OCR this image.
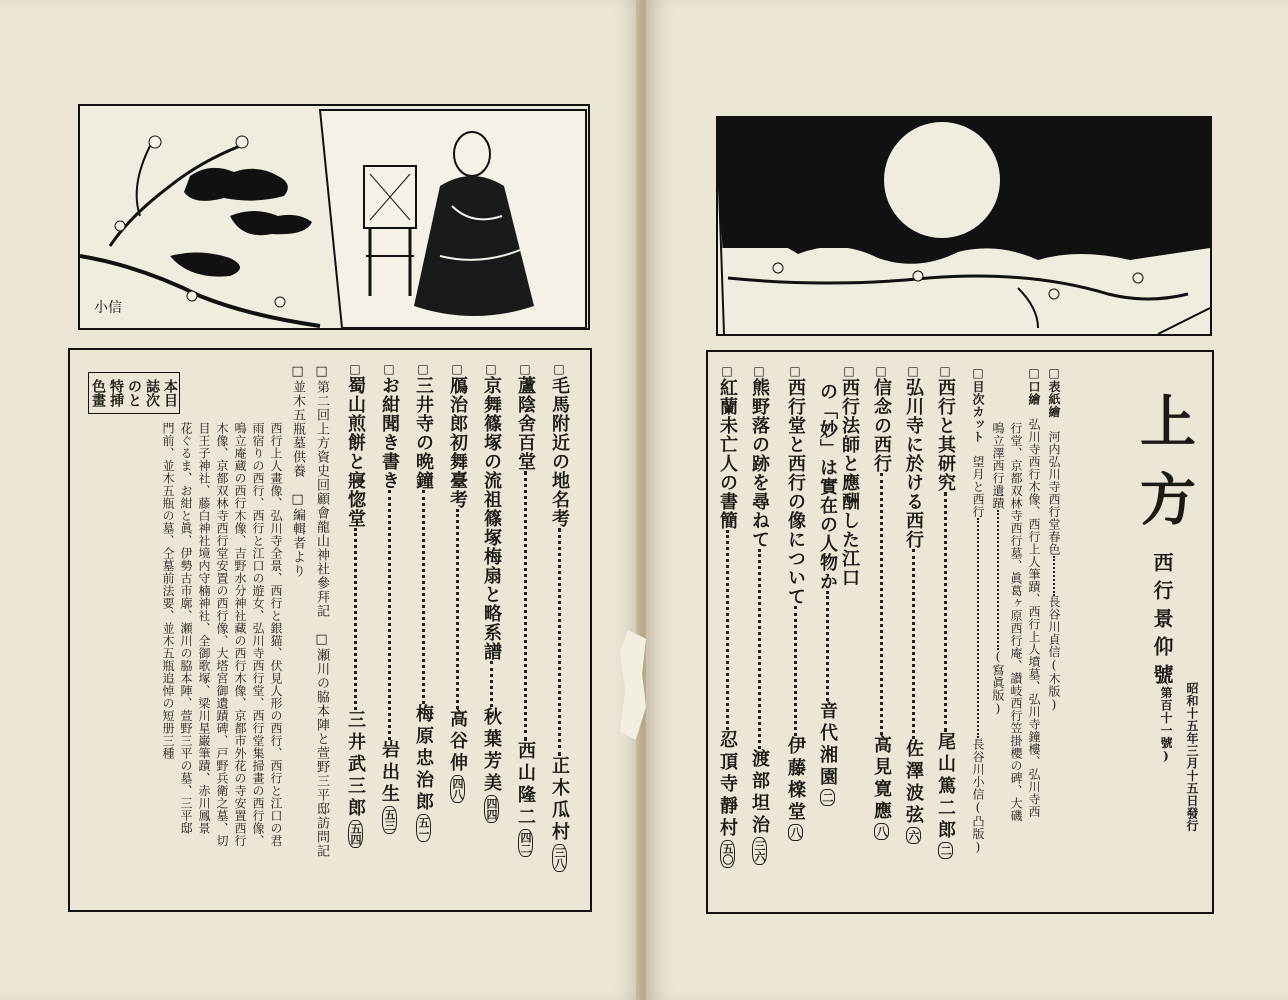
小信
□毛馬附近の地名考正木瓜村三八
□蘆陰舍百堂西山隆二四二
□京舞篠塚の流祖篠塚梅扇と略系譜秋葉芳美四四
□鴈治郎初舞臺考高谷伸四八
□三井寺の晩鐘梅原忠治郎五一
□お紺聞き書き岩出生五三
□蜀山煎餅と寢惚堂三井武三郎五四
□第二回上方資史回顧會龍山神社參拜記　□瀬川の脇本陣と萱野三平邸訪問記
□並木五瓶墓供養　□編輯者より
本目
誌次
のと
特挿
色畫
西行上人畫像、弘川寺全景、西行と銀猫、伏見人形の西行、西行と江口の君
雨宿りの西行、西行と江口の遊女、弘川寺西行堂、西行堂集掃畫の西行像、
鳴立庵蔵の西行木像、吉野水分神社藏の西行木像、京都市外花の寺安置西行
木像、京都双林寺西行堂安置の西行像、大塔宮御遺蹟碑、戸野兵衛之墓、切
目王子神社、藤白神社境内守楠神社、全御歌塚、梁川星巌筆蹟、赤川鳳景
花ぐるま、お紺と眞、伊勢古市廓、瀬川の脇本陣、萱野三平の墓、三平邸
門前、並木五瓶の墓、仝墓前法要、並木五瓶追悼の短册三種	上方
西行景仰號
(第百十一號) 昭和十五年三月十五日發行
□表紙繪　河内弘川寺西行堂春色長谷川貞信(木版)
□口繪　弘川寺西行木像、西行上人筆蹟、西行上人墳墓、弘川寺鐘樓、弘川寺西
行堂、京都双林寺西行墓、眞葛ヶ原西行庵、讃岐西行笠掛櫻の碑、大磯
鳴立澤西行遺蹟(寫眞版)
□目次カット　望月と西行長谷川小信(凸版)
□西行と其研究尾山篤二郎二
□弘川寺に於ける西行佐澤波弦六
□信念の西行高見寛應八
□西行法師と應酬した江口
の「妙」は實在の人物か音代湘園二
□西行堂と西行の像について伊藤檪堂八
□熊野落の跡を尋ねて渡部坦治三六
□紅蘭未亡人の書簡忍頂寺靜村五〇
